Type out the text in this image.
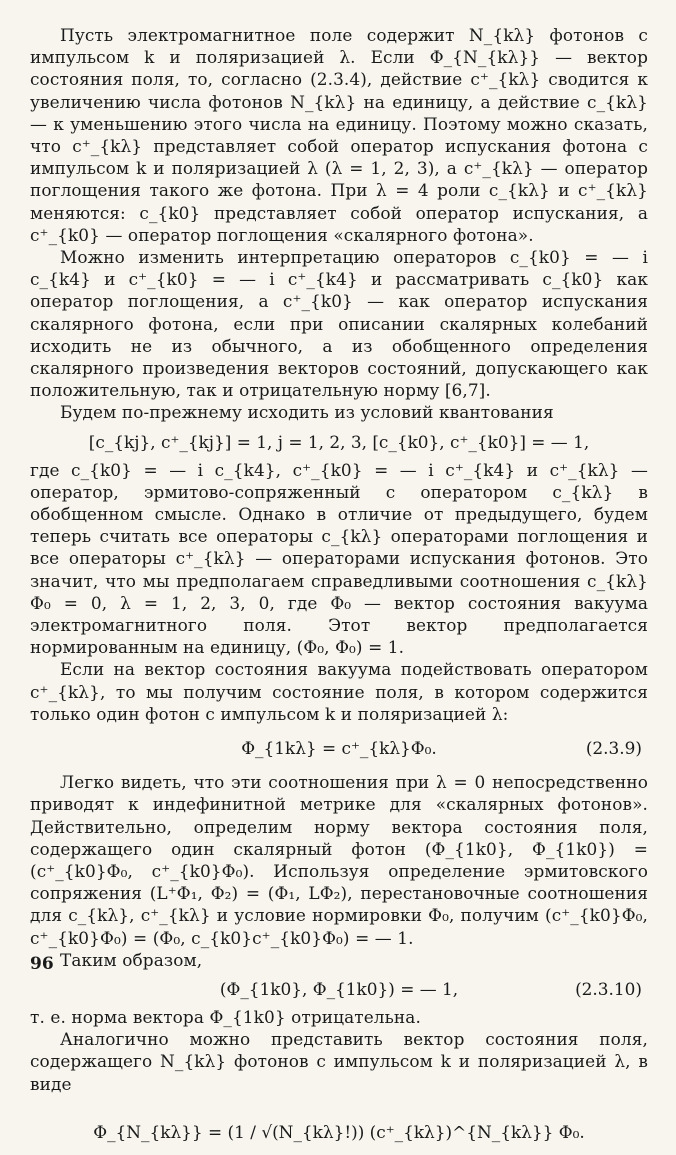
Пусть электромагнитное поле содержит N_{kλ} фотонов с импульсом k и поляризацией λ. Если Φ_{N_{kλ}} — вектор состояния поля, то, согласно (2.3.4), действие c⁺_{kλ} сводится к увеличению числа фотонов N_{kλ} на единицу, а действие c_{kλ} — к уменьшению этого числа на единицу. Поэтому можно сказать, что c⁺_{kλ} представляет собой оператор испускания фотона с импульсом k и поляризацией λ (λ = 1, 2, 3), а c⁺_{kλ} — оператор поглощения такого же фотона. При λ = 4 роли c_{kλ} и c⁺_{kλ} меняются: c_{k0} представляет собой оператор испускания, а c⁺_{k0} — оператор поглощения «скалярного фотона».

Можно изменить интерпретацию операторов c_{k0} = — i c_{k4} и c⁺_{k0} = — i c⁺_{k4} и рассматривать c_{k0} как оператор поглощения, а c⁺_{k0} — как оператор испускания скалярного фотона, если при описании скалярных колебаний исходить не из обычного, а из обобщенного определения скалярного произведения векторов состояний, допускающего как положительную, так и отрицательную норму [6,7].

Будем по-прежнему исходить из условий квантования

[c_{kj}, c⁺_{kj}] = 1, j = 1, 2, 3, [c_{k0}, c⁺_{k0}] = — 1,

где c_{k0} = — i c_{k4}, c⁺_{k0} = — i c⁺_{k4} и c⁺_{kλ} — оператор, эрмитово-сопряженный с оператором c_{kλ} в обобщенном смысле. Однако в отличие от предыдущего, будем теперь считать все операторы c_{kλ} операторами поглощения и все операторы c⁺_{kλ} — операторами испускания фотонов. Это значит, что мы предполагаем справедливыми соотношения c_{kλ}Φ₀ = 0, λ = 1, 2, 3, 0, где Φ₀ — вектор состояния вакуума электромагнитного поля. Этот вектор предполагается нормированным на единицу, (Φ₀, Φ₀) = 1.

Если на вектор состояния вакуума подействовать оператором c⁺_{kλ}, то мы получим состояние поля, в котором содержится только один фотон с импульсом k и поляризацией λ:

Φ_{1kλ} = c⁺_{kλ}Φ₀.	(2.3.9)

Легко видеть, что эти соотношения при λ = 0 непосредственно приводят к индефинитной метрике для «скалярных фотонов». Действительно, определим норму вектора состояния поля, содержащего один скалярный фотон (Φ_{1k0}, Φ_{1k0}) = (c⁺_{k0}Φ₀, c⁺_{k0}Φ₀). Используя определение эрмитовского сопряжения (L⁺Φ₁, Φ₂) = (Φ₁, LΦ₂), перестановочные соотношения для c_{kλ}, c⁺_{kλ} и условие нормировки Φ₀, получим (c⁺_{k0}Φ₀, c⁺_{k0}Φ₀) = (Φ₀, c_{k0}c⁺_{k0}Φ₀) = — 1.

Таким образом,

(Φ_{1k0}, Φ_{1k0}) = — 1,	(2.3.10)

т. е. норма вектора Φ_{1k0} отрицательна.

Аналогично можно представить вектор состояния поля, содержащего N_{kλ} фотонов с импульсом k и поляризацией λ, в виде

Φ_{N_{kλ}} = (1 / √(N_{kλ}!)) (c⁺_{kλ})^{N_{kλ}} Φ₀.
96
